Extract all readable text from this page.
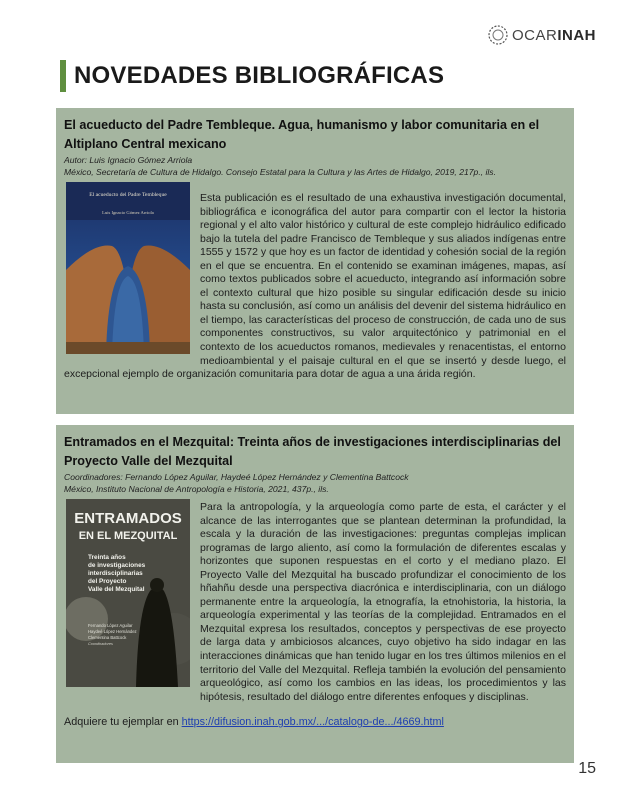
OCARINAH
NOVEDADES BIBLIOGRÁFICAS

El acueducto del Padre Tembleque. Agua, humanismo y labor comunitaria en el Altiplano Central mexicano

Autor: Luis Ignacio Gómez Arriola
México, Secretaría de Cultura de Hidalgo. Consejo Estatal para la Cultura y las Artes de Hidalgo, 2019, 217p., ils.
El acueducto del Padre Tembleque
Luis Ignacio Gómez Arriola
Esta publicación es el resultado de una exhaustiva investigación documental, bibliográfica e iconográfica del autor para compartir con el lector la historia regional y el alto valor histórico y cultural de este complejo hidráulico edificado bajo la tutela del padre Francisco de Tembleque y sus aliados indígenas entre 1555 y 1572 y que hoy es un factor de identidad y cohesión social de la región en el que se encuentra. En el contenido se examinan imágenes, mapas, así como textos publicados sobre el acueducto, integrando así información sobre el contexto cultural que hizo posible su singular edificación desde su inicio hasta su conclusión, así como un análisis del devenir del sistema hidráulico en el tiempo, las características del proceso de construcción, de cada uno de sus componentes constructivos, su valor arquitectónico y patrimonial en el contexto de los acueductos romanos, medievales y renacentistas, el entorno medioambiental y el paisaje cultural en el que se insertó y desde luego, el excepcional ejemplo de organización comunitaria para dotar de agua a una árida región.

Entramados en el Mezquital: Treinta años de investigaciones interdisciplinarias del Proyecto Valle del Mezquital

Coordinadores: Fernando López Aguilar, Haydeé López Hernández y Clementina Battcock
México, Instituto Nacional de Antropología e Historia, 2021, 437p., ils.
ENTRAMADOS
EN EL MEZQUITAL
Treinta años
de investigaciones
interdisciplinarias
del Proyecto
Valle del Mezquital
Fernando López Aguilar
Haydeé López Hernández
Clementina Battcock
Coordinadores
Para la antropología, y la arqueología como parte de esta, el carácter y el alcance de las interrogantes que se plantean determinan la profundidad, la escala y la duración de las investigaciones: preguntas complejas implican programas de largo aliento, así como la formulación de diferentes escalas y horizontes que suponen respuestas en el corto y el mediano plazo. El Proyecto Valle del Mezquital ha buscado profundizar el conocimiento de los hñahñu desde una perspectiva diacrónica e interdisciplinaria, con un diálogo permanente entre la arqueología, la etnografía, la etnohistoria, la historia, la arqueología experimental y las teorías de la complejidad. Entramados en el Mezquital expresa los resultados, conceptos y perspectivas de ese proyecto de larga data y ambiciosos alcances, cuyo objetivo ha sido indagar en las interacciones dinámicas que han tenido lugar en los tres últimos milenios en el territorio del Valle del Mezquital. Refleja también la evolución del pensamiento arqueológico, así como los cambios en las ideas, los procedimientos y las hipótesis, resultado del diálogo entre diferentes enfoques y disciplinas.
Adquiere tu ejemplar en https://difusion.inah.gob.mx/.../catalogo-de.../4669.html
15
